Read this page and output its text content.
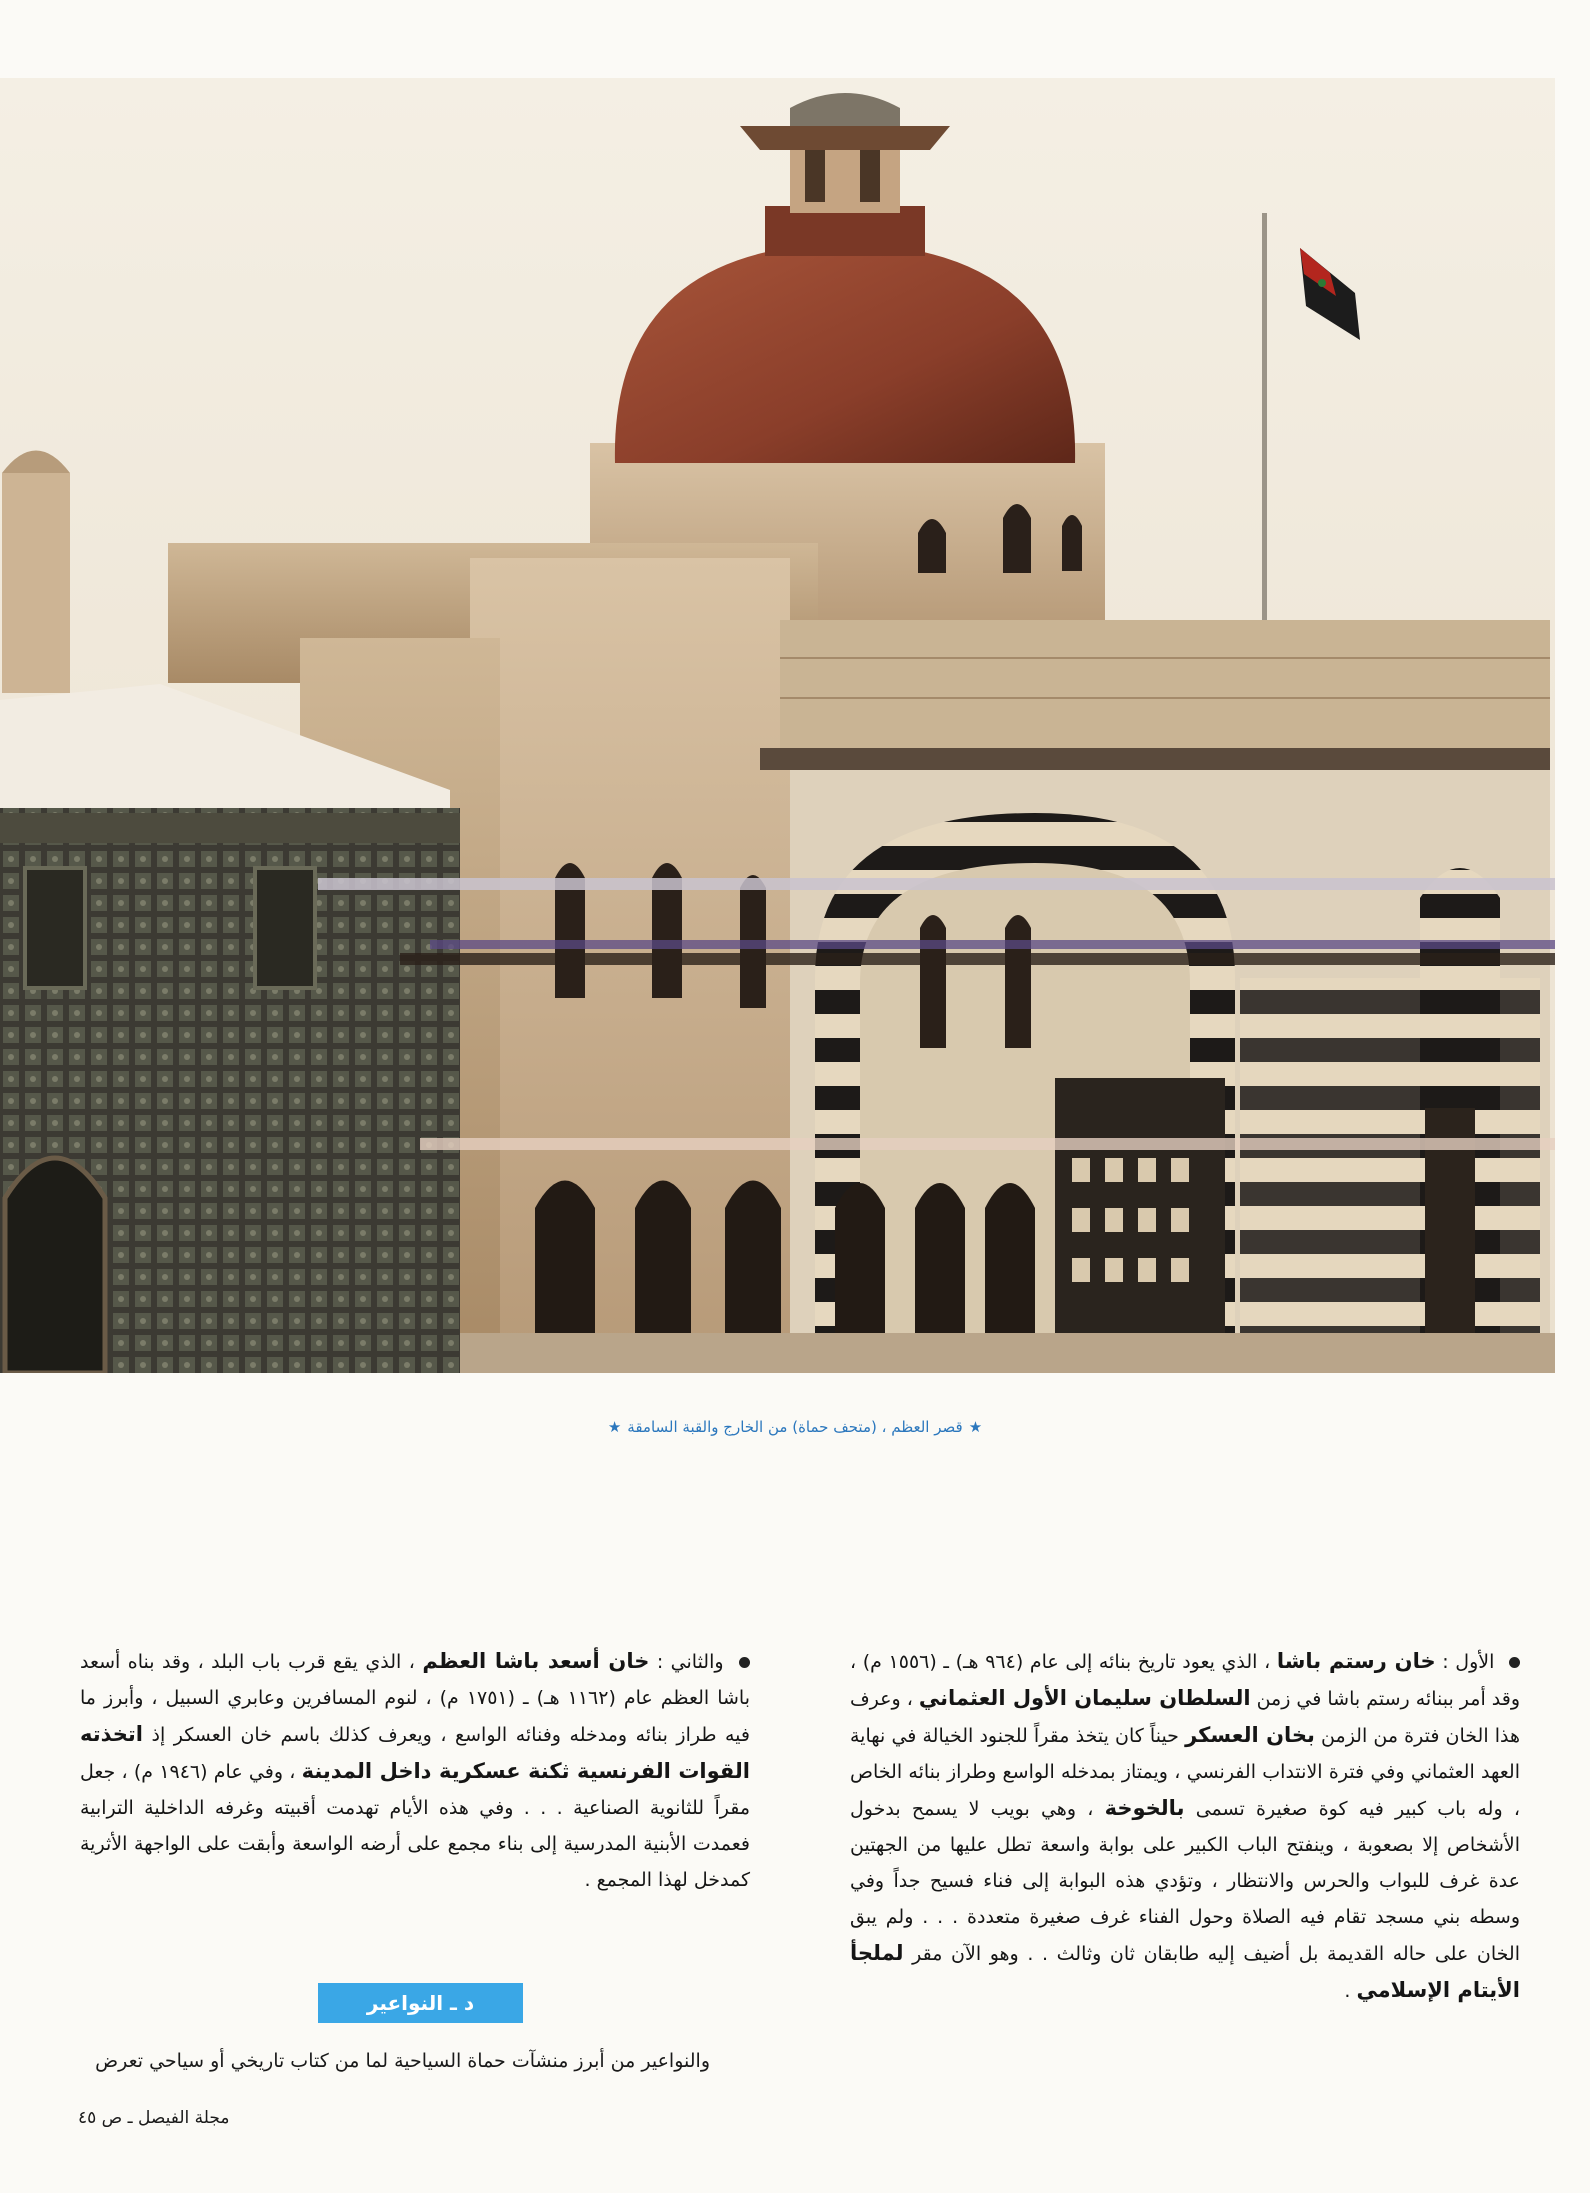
★قصر العظم ، (متحف حماة) من الخارج والقبة السامقة★

الأول : خان رستم باشا ، الذي يعود تاريخ بنائه إلى عام (٩٦٤ هـ) ـ (١٥٥٦ م) ، وقد أمر ببنائه رستم باشا في زمن السلطان سليمان الأول العثماني ، وعرف هذا الخان فترة من الزمن بخان العسكر حيناً كان يتخذ مقراً للجنود الخيالة في نهاية العهد العثماني وفي فترة الانتداب الفرنسي ، ويمتاز بمدخله الواسع وطراز بنائه الخاص ، وله باب كبير فيه كوة صغيرة تسمى بالخوخة ، وهي بويب لا يسمح بدخول الأشخاص إلا بصعوبة ، وينفتح الباب الكبير على بوابة واسعة تطل عليها من الجهتين عدة غرف للبواب والحرس والانتظار ، وتؤدي هذه البوابة إلى فناء فسيح جداً وفي وسطه بني مسجد تقام فيه الصلاة وحول الفناء غرف صغيرة متعددة . . . ولم يبق الخان على حاله القديمة بل أضيف إليه طابقان ثان وثالث . . وهو الآن مقر لملجأ الأيتام الإسلامي .

والثاني : خان أسعد باشا العظم ، الذي يقع قرب باب البلد ، وقد بناه أسعد باشا العظم عام (١١٦٢ هـ) ـ (١٧٥١ م) ، لنوم المسافرين وعابري السبيل ، وأبرز ما فيه طراز بنائه ومدخله وفنائه الواسع ، ويعرف كذلك باسم خان العسكر إذ اتخذته القوات الفرنسية ثكنة عسكرية داخل المدينة ، وفي عام (١٩٤٦ م) ، جعل مقراً للثانوية الصناعية . . . وفي هذه الأيام تهدمت أقبيته وغرفه الداخلية الترابية فعمدت الأبنية المدرسية إلى بناء مجمع على أرضه الواسعة وأبقت على الواجهة الأثرية كمدخل لهذا المجمع .

د ـ النواعير
والنواعير من أبرز منشآت حماة السياحية لما من كتاب تاريخي أو سياحي تعرض
مجلة الفيصل ـ ص ٤٥
